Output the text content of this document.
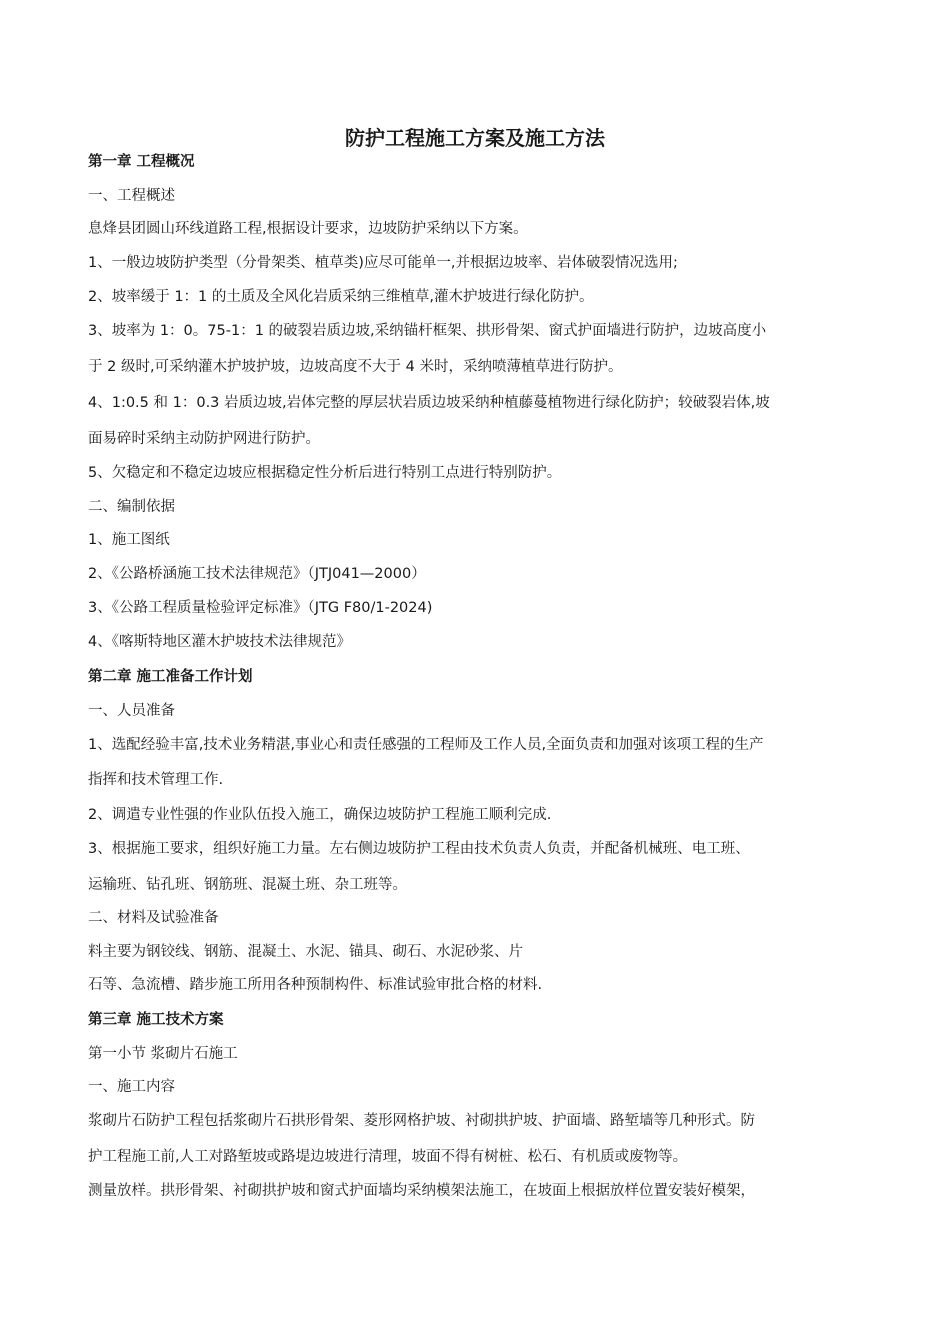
防护工程施工方案及施工方法
第一章 工程概况
一、工程概述
息烽县团圆山环线道路工程,根据设计要求，边坡防护采纳以下方案。
1、一般边坡防护类型（分骨架类、植草类)应尽可能单一,并根据边坡率、岩体破裂情况选用;
2、坡率缓于 1：1 的土质及全风化岩质采纳三维植草,灌木护坡进行绿化防护。
3、坡率为 1：0。75-1：1 的破裂岩质边坡,采纳锚杆框架、拱形骨架、窗式护面墙进行防护，边坡高度小
于 2 级时,可采纳灌木护坡护坡，边坡高度不大于 4 米时，采纳喷薄植草进行防护。
4、1:0.5 和 1：0.3 岩质边坡,岩体完整的厚层状岩质边坡采纳种植藤蔓植物进行绿化防护；较破裂岩体,坡
面易碎时采纳主动防护网进行防护。
5、欠稳定和不稳定边坡应根据稳定性分析后进行特别工点进行特别防护。
二、编制依据
1、施工图纸
2、《公路桥涵施工技术法律规范》（JTJ041—2000）
3、《公路工程质量检验评定标准》（JTG F80/1-2024)
4、《喀斯特地区灌木护坡技术法律规范》
第二章 施工准备工作计划
一、人员准备
1、选配经验丰富,技术业务精湛,事业心和责任感强的工程师及工作人员,全面负责和加强对该项工程的生产
指挥和技术管理工作.
2、调遣专业性强的作业队伍投入施工，确保边坡防护工程施工顺利完成.
3、根据施工要求，组织好施工力量。左右侧边坡防护工程由技术负责人负责，并配备机械班、电工班、
运输班、钻孔班、钢筋班、混凝土班、杂工班等。
二、材料及试验准备
料主要为钢铰线、钢筋、混凝土、水泥、锚具、砌石、水泥砂浆、片
石等、急流槽、踏步施工所用各种预制构件、标准试验审批合格的材料.
第三章 施工技术方案
第一小节 浆砌片石施工
一、施工内容
浆砌片石防护工程包括浆砌片石拱形骨架、菱形网格护坡、衬砌拱护坡、护面墙、路堑墙等几种形式。防
护工程施工前,人工对路堑坡或路堤边坡进行清理，坡面不得有树桩、松石、有机质或废物等。
测量放样。拱形骨架、衬砌拱护坡和窗式护面墙均采纳模架法施工，在坡面上根据放样位置安装好模架，
